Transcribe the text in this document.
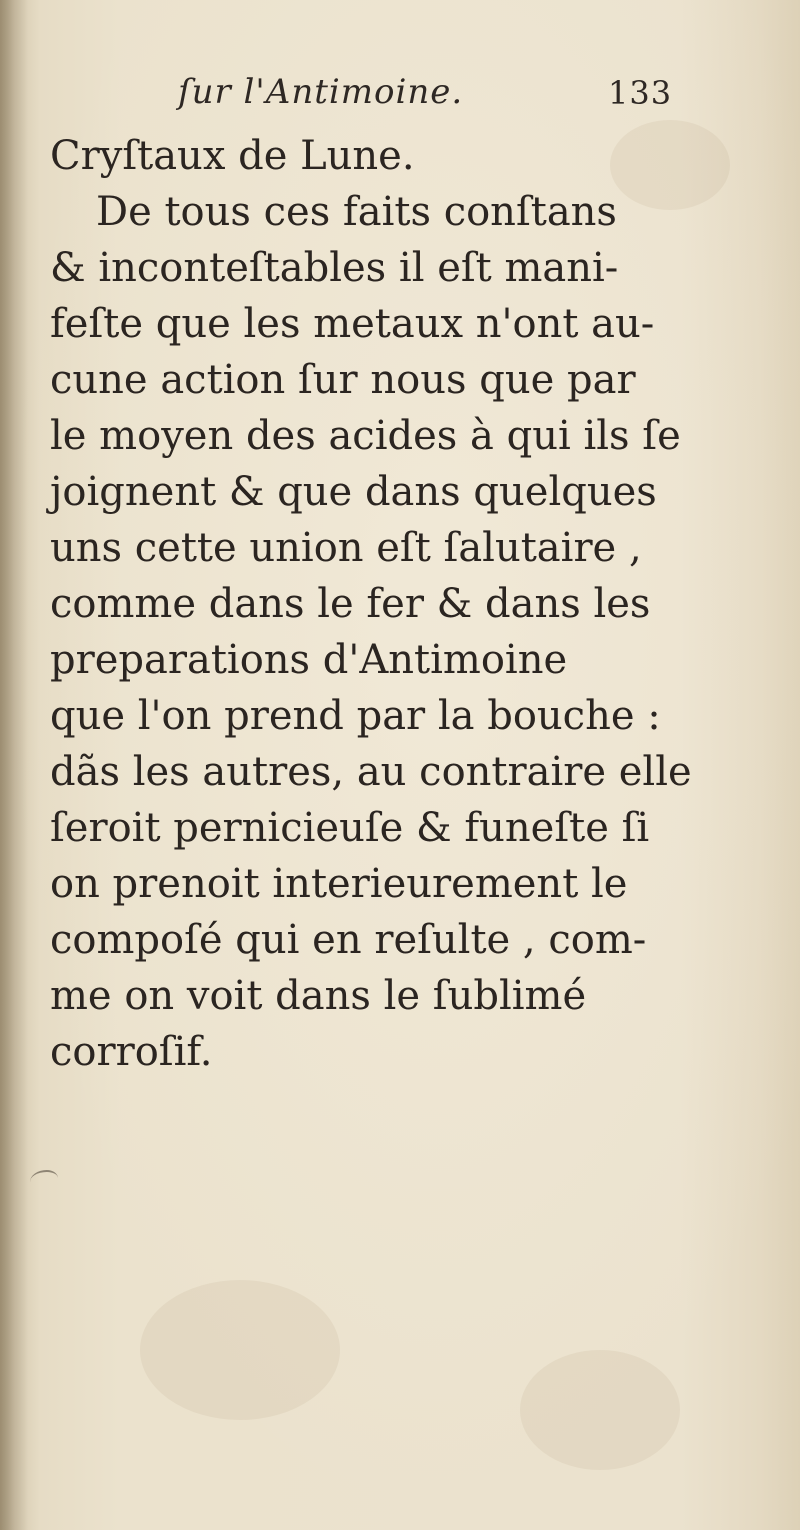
ſur l'Antimoine.	133
Cryſtaux de Lune.
De tous ces faits conſtans
& inconteſtables il eſt mani-
feſte que les metaux n'ont au-
cune action ſur nous que par
le moyen des acides à qui ils ſe
joignent & que dans quelques
uns cette union eſt ſalutaire ,
comme dans le fer & dans les
preparations d'Antimoine
que l'on prend par la bouche :
dãs les autres, au contraire elle
ſeroit pernicieuſe & funeſte ſi
on prenoit interieurement le
compoſé qui en reſulte , com-
me on voit dans le ſublimé
corroſif.
